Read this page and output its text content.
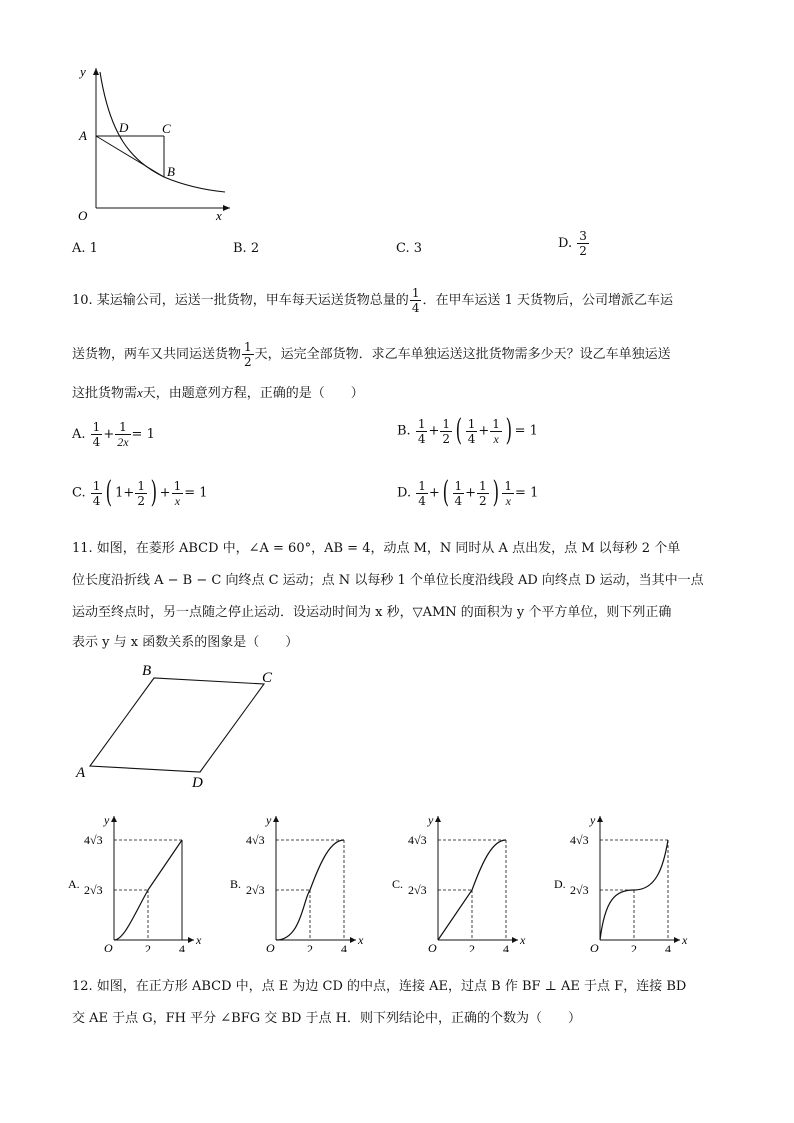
y
x
O
A
D	C
B
A. 1	B. 2	C. 3	D. $\frac{3}{2}$
10. 某运输公司，运送一批货物，甲车每天运送货物总量的 $\frac{1}{4}$ ．在甲车运送 1 天货物后，公司增派乙车运
送货物，两车又共同运送货物 $\frac{1}{2}$ 天，运完全部货物．求乙车单独运送这批货物需多少天？设乙车单独运送
这批货物需x天，由题意列方程，正确的是（　　）
A. $\frac{1}{4} + \frac{1}{2x} = 1$	B. $\frac{1}{4} + \frac{1}{2}$ ( $\frac{1}{4} + \frac{1}{x}$ ) = 1
C. $\frac{1}{4}$ ( $1+ \frac{1}{2}$ ) + $\frac{1}{x} = 1$	D. $\frac{1}{4}$ +( $\frac{1}{4} + \frac{1}{2}$ ) $\frac{1}{x} = 1$
11. 如图，在菱形 ABCD 中，∠A = 60°，AB = 4，动点 M，N 同时从 A 点出发，点 M 以每秒 2 个单
位长度沿折线 A − B − C 向终点 C 运动；点 N 以每秒 1 个单位长度沿线段 AD 向终点 D 运动，当其中一点
运动至终点时，另一点随之停止运动．设运动时间为 x 秒，▽AMN 的面积为 y 个平方单位，则下列正确
表示 y 与 x 函数关系的图象是（　　）
A
B	C
D
A.
y
x
O
4√3
2√3
2 4
B.
y
x
O
4√3
2√3
2 4
C.
y
x
O
4√3
2√3
2 4
D.
y
x
O
4√3
2√3
2 4
12. 如图，在正方形 ABCD 中，点 E 为边 CD 的中点，连接 AE，过点 B 作 BF ⊥ AE 于点 F，连接 BD
交 AE 于点 G，FH 平分 ∠BFG 交 BD 于点 H．则下列结论中，正确的个数为（　　）
